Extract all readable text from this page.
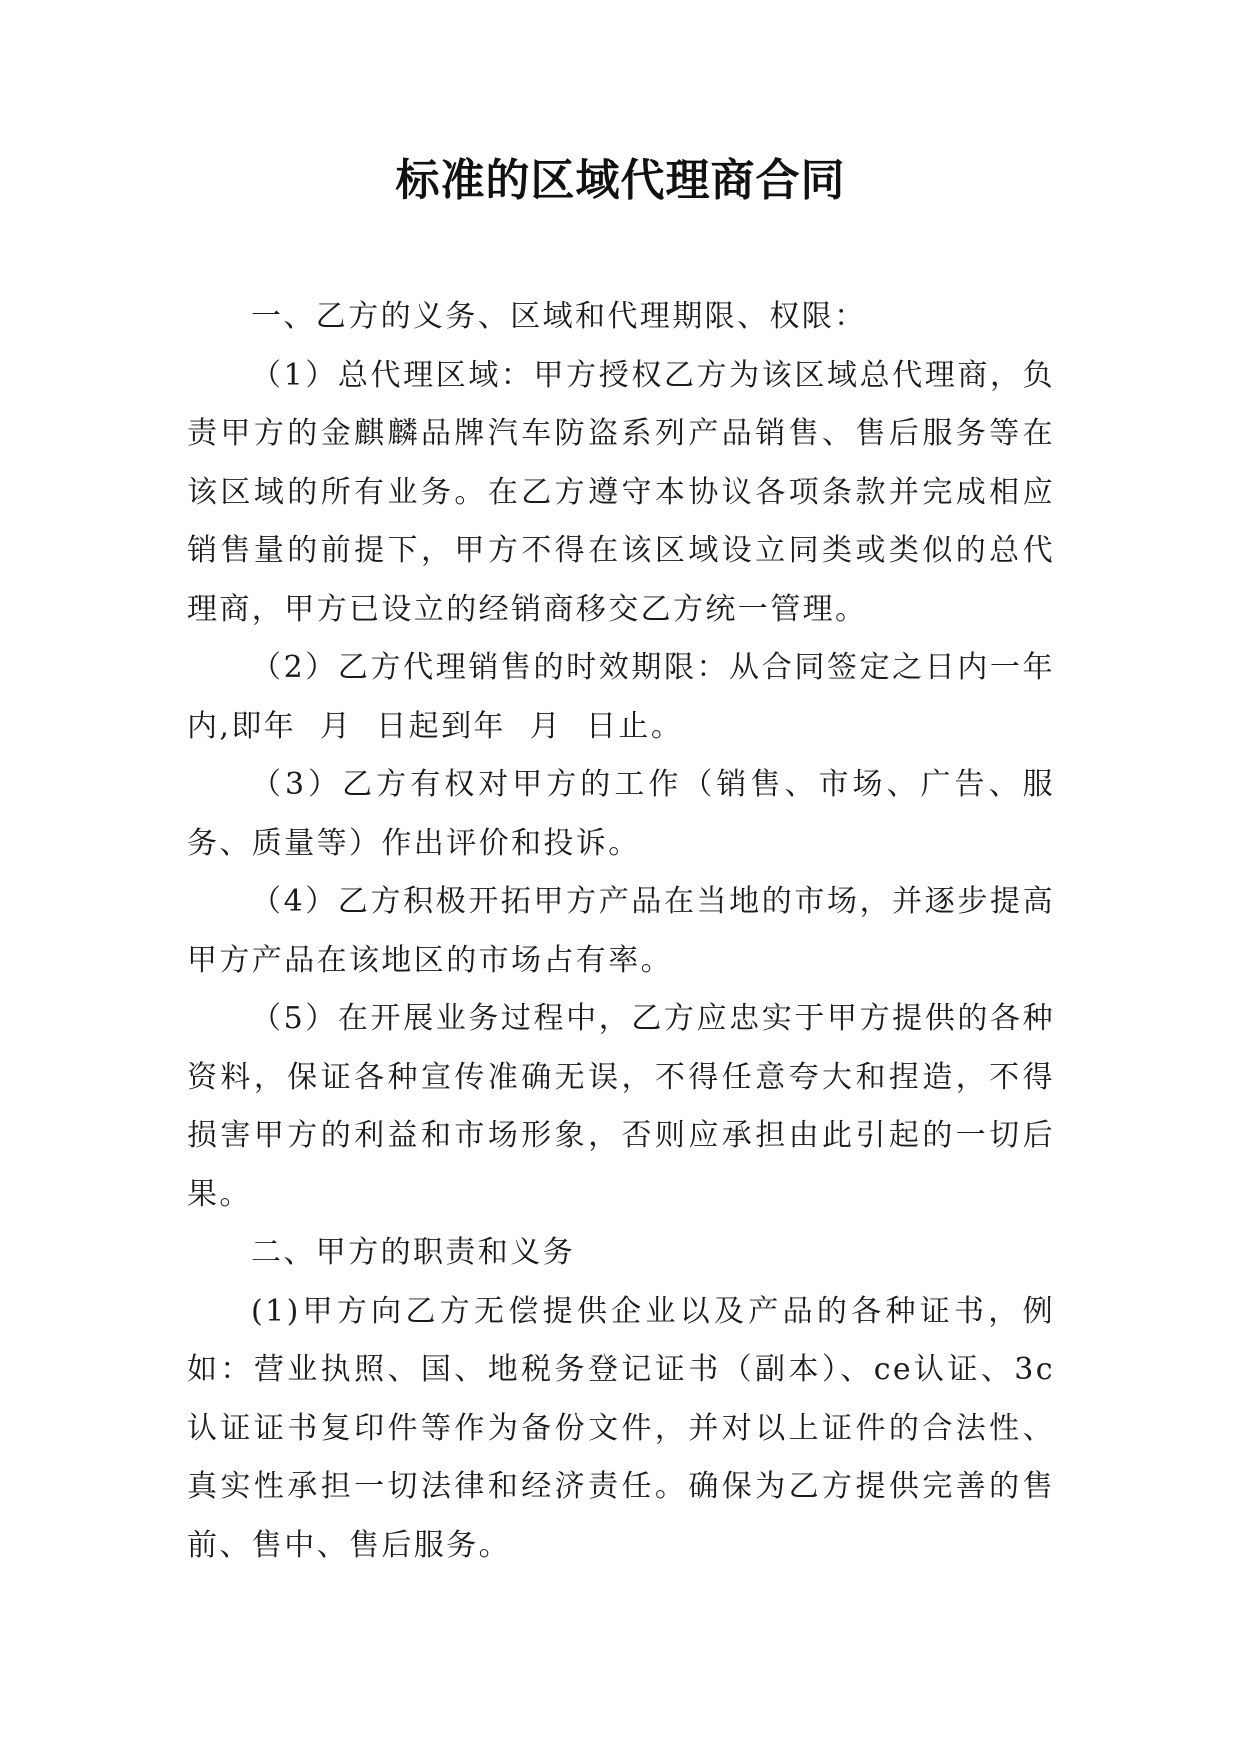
标准的区域代理商合同

一、乙方的义务、区域和代理期限、权限：

（1）总代理区域：甲方授权乙方为该区域总代理商，负责甲方的金麒麟品牌汽车防盗系列产品销售、售后服务等在该区域的所有业务。在乙方遵守本协议各项条款并完成相应销售量的前提下，甲方不得在该区域设立同类或类似的总代理商，甲方已设立的经销商移交乙方统一管理。

（2）乙方代理销售的时效期限：从合同签定之日内一年内,即年  月  日起到年  月  日止。

（3）乙方有权对甲方的工作（销售、市场、广告、服务、质量等）作出评价和投诉。

（4）乙方积极开拓甲方产品在当地的市场，并逐步提高甲方产品在该地区的市场占有率。

（5）在开展业务过程中，乙方应忠实于甲方提供的各种资料，保证各种宣传准确无误，不得任意夸大和捏造，不得损害甲方的利益和市场形象，否则应承担由此引起的一切后果。

二、甲方的职责和义务

(1)甲方向乙方无偿提供企业以及产品的各种证书，例如：营业执照、国、地税务登记证书（副本）、ce认证、3c认证证书复印件等作为备份文件，并对以上证件的合法性、真实性承担一切法律和经济责任。确保为乙方提供完善的售前、售中、售后服务。
